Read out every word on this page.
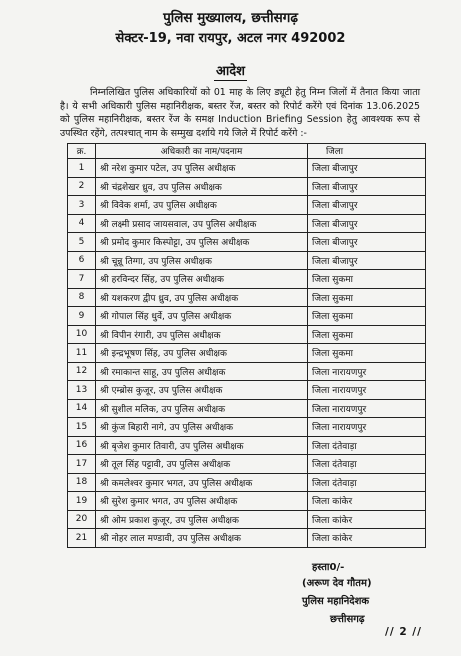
पुलिस मुख्यालय, छत्तीसगढ़
सेक्टर-19, नवा रायपुर, अटल नगर 492002
आदेश
निम्नलिखित पुलिस अधिकारियों को 01 माह के लिए ड्यूटी हेतु निम्न जिलों में तैनात किया जाता है। ये सभी अधिकारी पुलिस महानिरीक्षक, बस्तर रेंज, बस्तर को रिपोर्ट करेंगे एवं दिनांक 13.06.2025 को पुलिस महानिरीक्षक, बस्तर रेंज के समक्ष Induction Briefing Session हेतु आवश्यक रूप से उपस्थित रहेंगे, तत्पश्चात् नाम के सम्मुख दर्शाये गये जिले में रिपोर्ट करेंगे :-
क्र.	अधिकारी का नाम/पदनाम	जिला
1	श्री नरेश कुमार पटेल, उप पुलिस अधीक्षक	जिला बीजापुर
2	श्री चंद्रशेखर ध्रुव, उप पुलिस अधीक्षक	जिला बीजापुर
3	श्री विवेक शर्मा, उप पुलिस अधीक्षक	जिला बीजापुर
4	श्री लक्ष्मी प्रसाद जायसवाल, उप पुलिस अधीक्षक	जिला बीजापुर
5	श्री प्रमोद कुमार किस्पोट्टा, उप पुलिस अधीक्षक	जिला बीजापुर
6	श्री चून्नू तिग्गा, उप पुलिस अधीक्षक	जिला बीजापुर
7	श्री हरविन्दर सिंह, उप पुलिस अधीक्षक	जिला सुकमा
8	श्री यशकरण द्वीप ध्रुव, उप पुलिस अधीक्षक	जिला सुकमा
9	श्री गोपाल सिंह धुर्वे, उप पुलिस अधीक्षक	जिला सुकमा
10	श्री विपीन रंगारी, उप पुलिस अधीक्षक	जिला सुकमा
11	श्री इन्द्रभूषण सिंह, उप पुलिस अधीक्षक	जिला सुकमा
12	श्री रमाकान्त साहू, उप पुलिस अधीक्षक	जिला नारायणपुर
13	श्री एम्ब्रोस कुजूर, उप पुलिस अधीक्षक	जिला नारायणपुर
14	श्री सुशील मलिक, उप पुलिस अधीक्षक	जिला नारायणपुर
15	श्री कुंज बिहारी नागे, उप पुलिस अधीक्षक	जिला नारायणपुर
16	श्री बृजेश कुमार तिवारी, उप पुलिस अधीक्षक	जिला दंतेवाड़ा
17	श्री तूल सिंह पट्टावी, उप पुलिस अधीक्षक	जिला दंतेवाड़ा
18	श्री कमलेश्वर कुमार भगत, उप पुलिस अधीक्षक	जिला दंतेवाड़ा
19	श्री सुरेश कुमार भगत, उप पुलिस अधीक्षक	जिला कांकेर
20	श्री ओम प्रकाश कुजूर, उप पुलिस अधीक्षक	जिला कांकेर
21	श्री नोहर लाल मण्डावी, उप पुलिस अधीक्षक	जिला कांकेर
हस्ता0/-
(अरूण देव गौतम)
पुलिस महानिदेशक
छत्तीसगढ़
// 2 //
